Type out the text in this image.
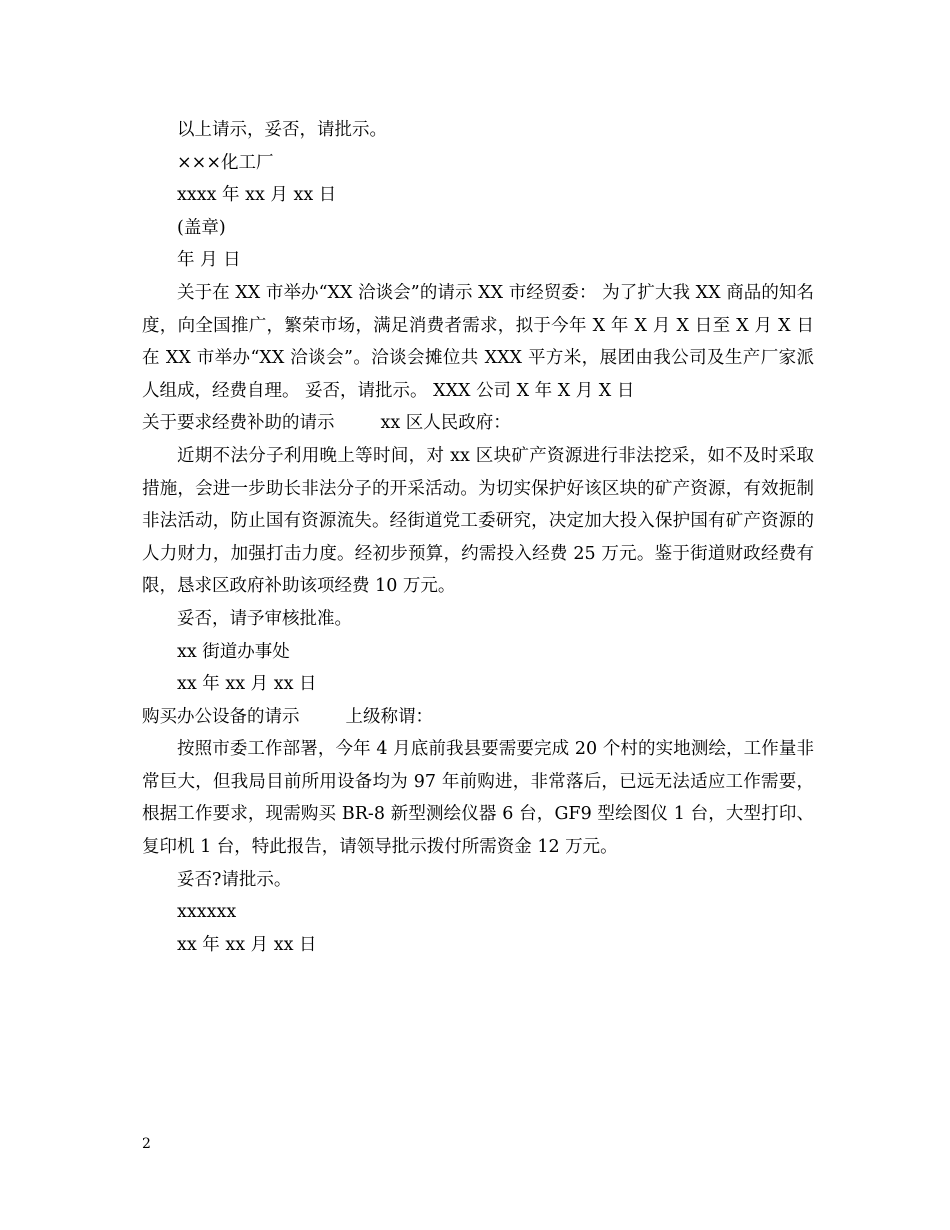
以上请示，妥否，请批示。

×××化工厂

xxxx 年 xx 月 xx 日

(盖章)

年 月 日

关于在 XX 市举办“XX 洽谈会”的请示 XX 市经贸委： 为了扩大我 XX 商品的知名度，向全国推广，繁荣市场，满足消费者需求，拟于今年 X 年 X 月 X 日至 X 月 X 日在 XX 市举办“XX 洽谈会”。洽谈会摊位共 XXX 平方米，展团由我公司及生产厂家派人组成，经费自理。 妥否，请批示。 XXX 公司 X 年 X 月 X 日

关于要求经费补助的请示	xx 区人民政府：

近期不法分子利用晚上等时间，对 xx 区块矿产资源进行非法挖采，如不及时采取措施，会进一步助长非法分子的开采活动。为切实保护好该区块的矿产资源，有效扼制非法活动，防止国有资源流失。经街道党工委研究，决定加大投入保护国有矿产资源的人力财力，加强打击力度。经初步预算，约需投入经费 25 万元。鉴于街道财政经费有限，恳求区政府补助该项经费 10 万元。

妥否，请予审核批准。

xx 街道办事处

xx 年 xx 月 xx 日

购买办公设备的请示	上级称谓：

按照市委工作部署，今年 4 月底前我县要需要完成 20 个村的实地测绘，工作量非常巨大，但我局目前所用设备均为 97 年前购进，非常落后，已远无法适应工作需要，根据工作要求，现需购买 BR-8 新型测绘仪器 6 台，GF9 型绘图仪 1 台，大型打印、复印机 1 台，特此报告，请领导批示拨付所需资金 12 万元。

妥否?请批示。

xxxxxx

xx 年 xx 月 xx 日

2
